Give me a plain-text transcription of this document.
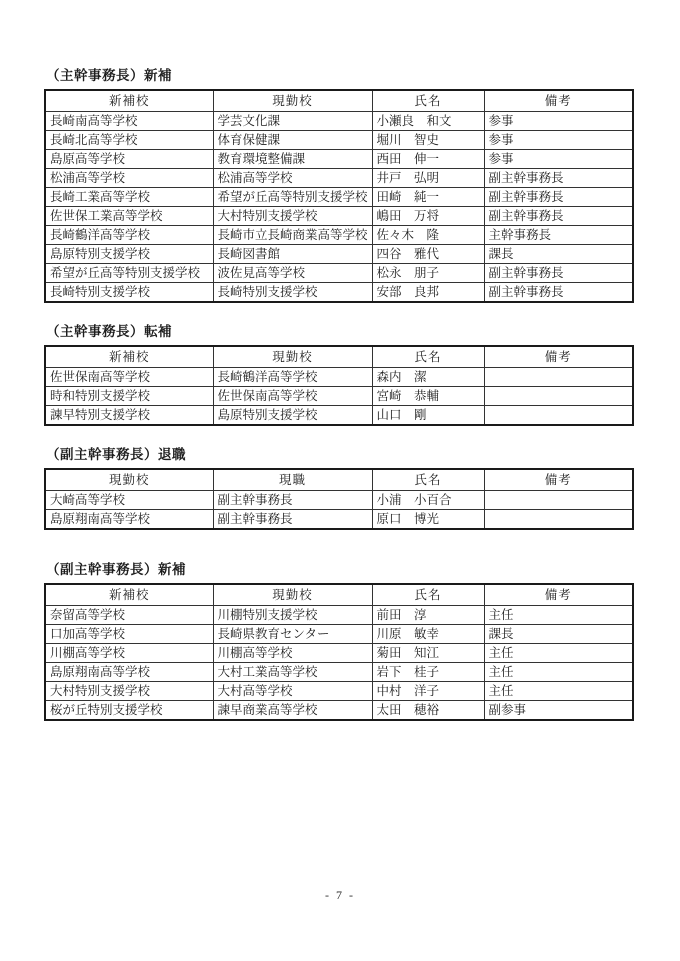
（主幹事務長）新補
新補校	現勤校	氏名	備考
長崎南高等学校	学芸文化課	小瀬良　和文	参事
長崎北高等学校	体育保健課	堀川　智史	参事
島原高等学校	教育環境整備課	西田　伸一	参事
松浦高等学校	松浦高等学校	井戸　弘明	副主幹事務長
長崎工業高等学校	希望が丘高等特別支援学校	田崎　純一	副主幹事務長
佐世保工業高等学校	大村特別支援学校	嶋田　万将	副主幹事務長
長崎鶴洋高等学校	長崎市立長崎商業高等学校	佐々木　隆	主幹事務長
島原特別支援学校	長崎図書館	四谷　雅代	課長
希望が丘高等特別支援学校	波佐見高等学校	松永　朋子	副主幹事務長
長崎特別支援学校	長崎特別支援学校	安部　良邦	副主幹事務長
（主幹事務長）転補
新補校	現勤校	氏名	備考
佐世保南高等学校	長崎鶴洋高等学校	森内　潔	
時和特別支援学校	佐世保南高等学校	宮崎　恭輔	
諫早特別支援学校	島原特別支援学校	山口　剛	
（副主幹事務長）退職
現勤校	現職	氏名	備考
大崎高等学校	副主幹事務長	小浦　小百合	
島原翔南高等学校	副主幹事務長	原口　博光	
（副主幹事務長）新補
新補校	現勤校	氏名	備考
奈留高等学校	川棚特別支援学校	前田　淳	主任
口加高等学校	長崎県教育センター	川原　敏幸	課長
川棚高等学校	川棚高等学校	菊田　知江	主任
島原翔南高等学校	大村工業高等学校	岩下　桂子	主任
大村特別支援学校	大村高等学校	中村　洋子	主任
桜が丘特別支援学校	諫早商業高等学校	太田　穂裕	副参事
- 7 -
